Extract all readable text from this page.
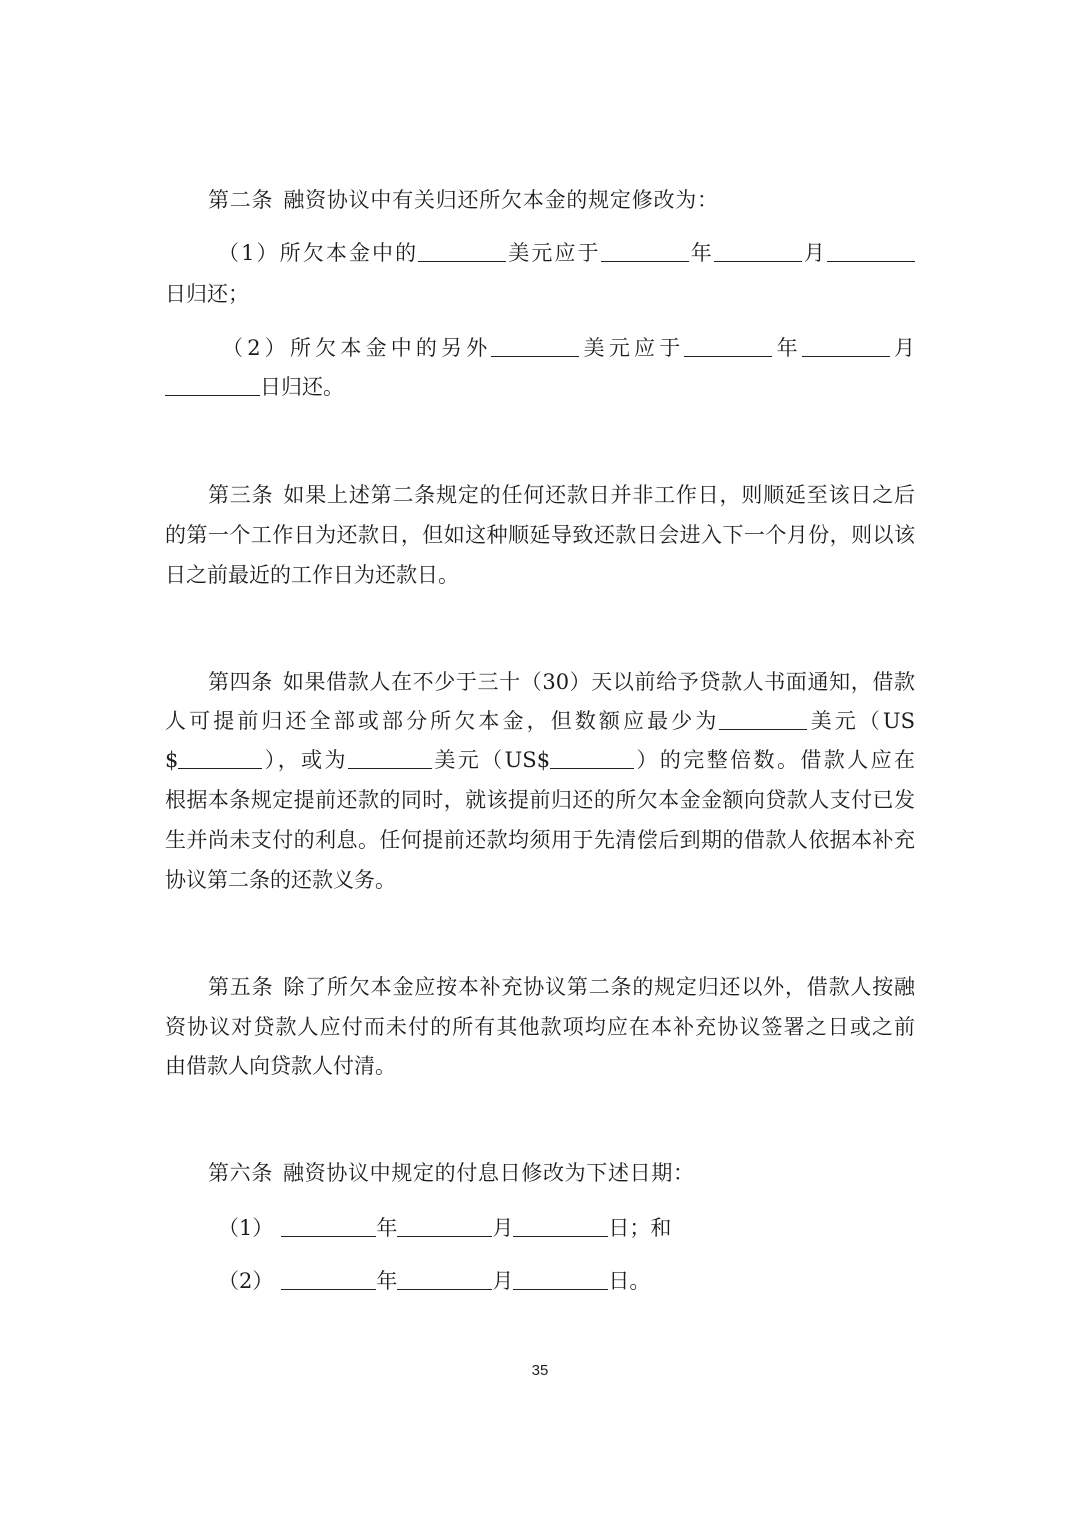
第二条 融资协议中有关归还所欠本金的规定修改为：
（1）所欠本金中的	美元应于	年	月
日归还；
（2）所欠本金中的另外	美元应于	年	月
日归还。
第三条 如果上述第二条规定的任何还款日并非工作日，则顺延至该日之后
的第一个工作日为还款日，但如这种顺延导致还款日会进入下一个月份，则以该
日之前最近的工作日为还款日。
第四条 如果借款人在不少于三十（30）天以前给予贷款人书面通知，借款
人可提前归还全部或部分所欠本金，但数额应最少为	美元（US
$	），或为	美元（US$	）的完整倍数。借款人应在
根据本条规定提前还款的同时，就该提前归还的所欠本金金额向贷款人支付已发
生并尚未支付的利息。任何提前还款均须用于先清偿后到期的借款人依据本补充
协议第二条的还款义务。
第五条 除了所欠本金应按本补充协议第二条的规定归还以外，借款人按融
资协议对贷款人应付而未付的所有其他款项均应在本补充协议签署之日或之前
由借款人向贷款人付清。
第六条 融资协议中规定的付息日修改为下述日期：
（1）	年	月	日；和
（2）	年	月	日。
35
